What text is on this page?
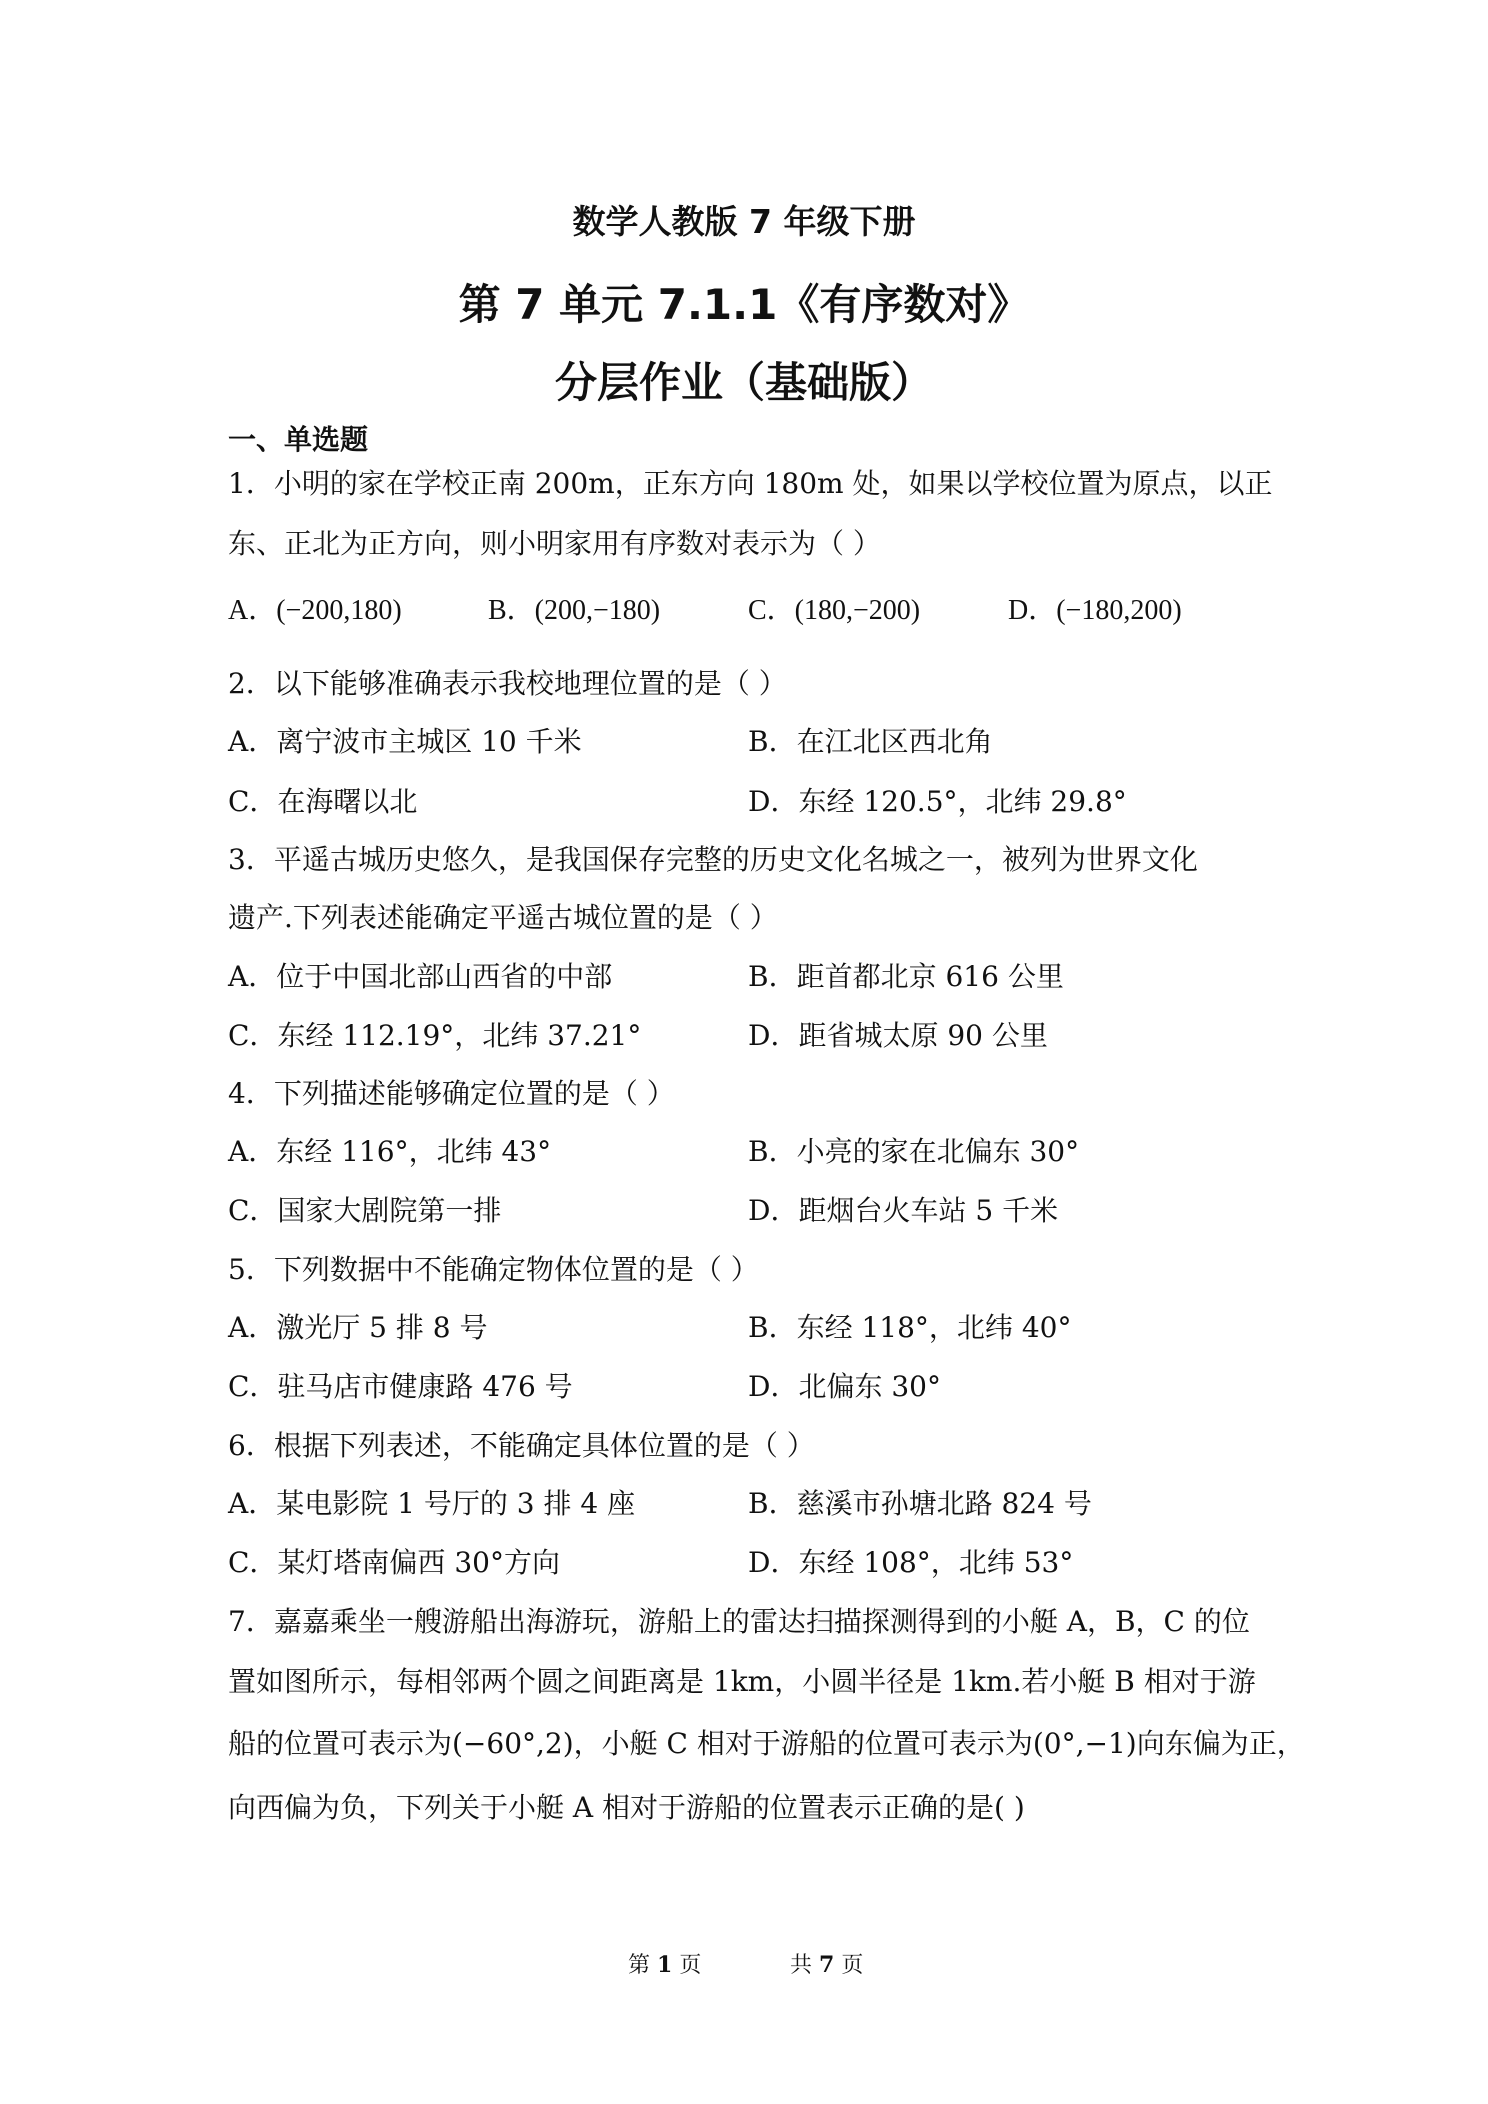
数学人教版 7 年级下册
第 7 单元 7.1.1《有序数对》
分层作业（基础版）
一、单选题
1．小明的家在学校正南 200m，正东方向 180m 处，如果以学校位置为原点，以正
东、正北为正方向，则小明家用有序数对表示为（ ）
A．(−200,180)	B．(200,−180)	C．(180,−200)	D．(−180,200)
2．以下能够准确表示我校地理位置的是（ ）
A．离宁波市主城区 10 千米	B．在江北区西北角
C．在海曙以北	D．东经 120.5°，北纬 29.8°
3．平遥古城历史悠久，是我国保存完整的历史文化名城之一，被列为世界文化
遗产.下列表述能确定平遥古城位置的是（ ）
A．位于中国北部山西省的中部	B．距首都北京 616 公里
C．东经 112.19°，北纬 37.21°	D．距省城太原 90 公里
4．下列描述能够确定位置的是（ ）
A．东经 116°，北纬 43°	B．小亮的家在北偏东 30°
C．国家大剧院第一排	D．距烟台火车站 5 千米
5．下列数据中不能确定物体位置的是（ ）
A．激光厅 5 排 8 号	B．东经 118°，北纬 40°
C．驻马店市健康路 476 号	D．北偏东 30°
6．根据下列表述，不能确定具体位置的是（ ）
A．某电影院 1 号厅的 3 排 4 座	B．慈溪市孙塘北路 824 号
C．某灯塔南偏西 30°方向	D．东经 108°，北纬 53°
7．嘉嘉乘坐一艘游船出海游玩，游船上的雷达扫描探测得到的小艇 A，B，C 的位
置如图所示，每相邻两个圆之间距离是 1km，小圆半径是 1km.若小艇 B 相对于游
船的位置可表示为(−60°,2)，小艇 C 相对于游船的位置可表示为(0°,−1)向东偏为正，
向西偏为负，下列关于小艇 A 相对于游船的位置表示正确的是( )
第 1 页	共 7 页
